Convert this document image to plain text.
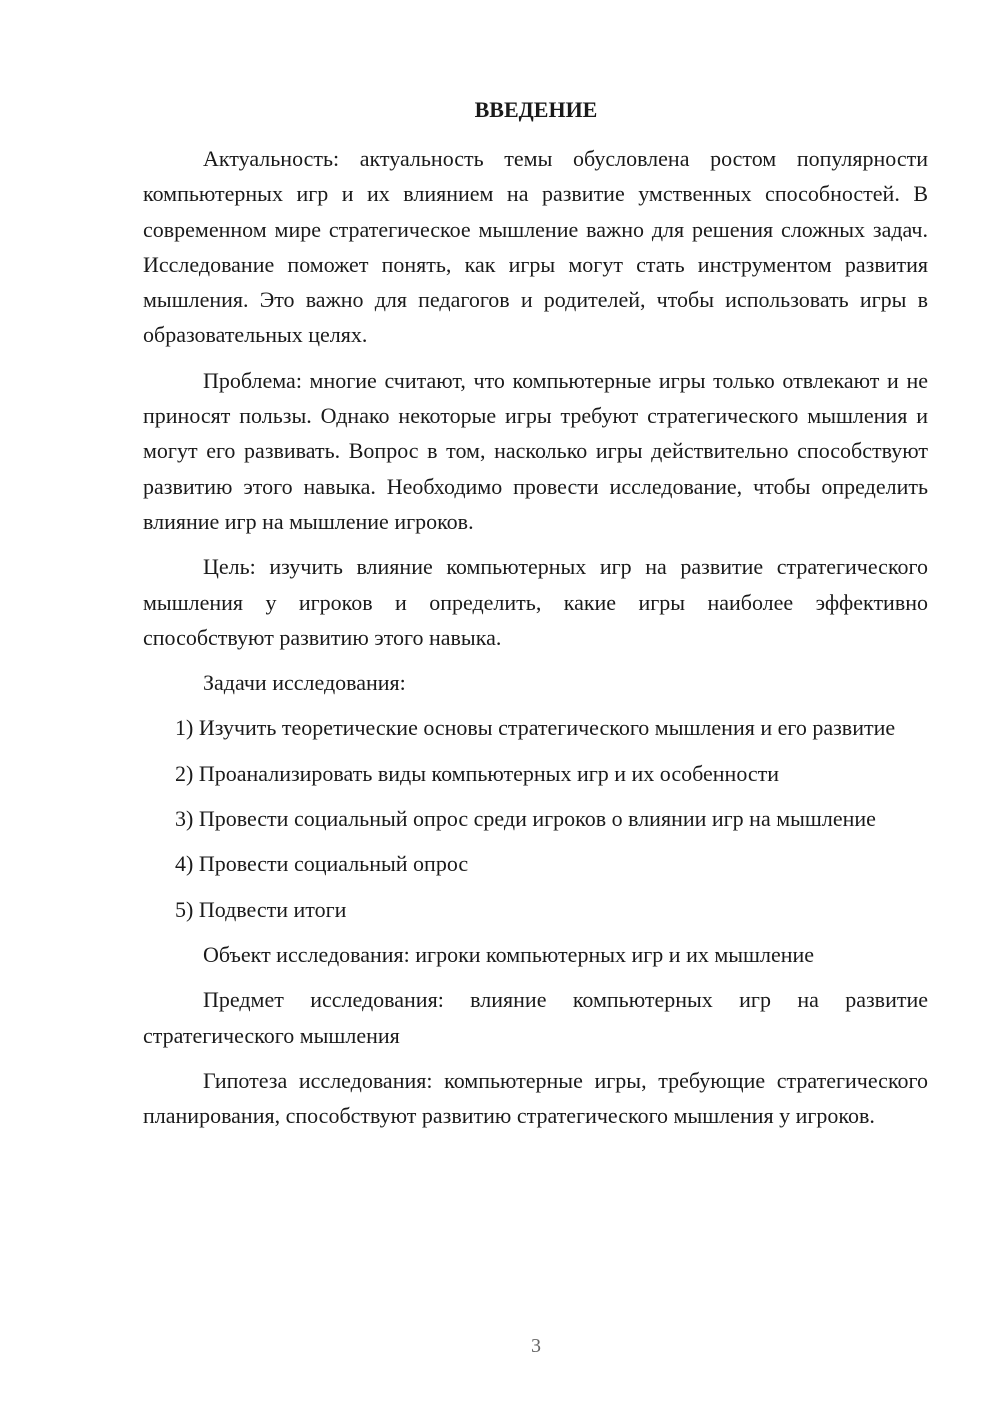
ВВЕДЕНИЕ

Актуальность: актуальность темы обусловлена ростом популярности компьютерных игр и их влиянием на развитие умственных способностей. В современном мире стратегическое мышление важно для решения сложных задач. Исследование поможет понять, как игры могут стать инструментом развития мышления. Это важно для педагогов и родителей, чтобы использовать игры в образовательных целях.

Проблема: многие считают, что компьютерные игры только отвлекают и не приносят пользы. Однако некоторые игры требуют стратегического мышления и могут его развивать. Вопрос в том, насколько игры действительно способствуют развитию этого навыка. Необходимо провести исследование, чтобы определить влияние игр на мышление игроков.

Цель: изучить влияние компьютерных игр на развитие стратегического мышления у игроков и определить, какие игры наиболее эффективно способствуют развитию этого навыка.

Задачи исследования:

1) Изучить теоретические основы стратегического мышления и его развитие

2) Проанализировать виды компьютерных игр и их особенности

3) Провести социальный опрос среди игроков о влиянии игр на мышление

4) Провести социальный опрос

5) Подвести итоги

Объект исследования: игроки компьютерных игр и их мышление

Предмет исследования: влияние компьютерных игр на развитие стратегического мышления

Гипотеза исследования: компьютерные игры, требующие стратегического планирования, способствуют развитию стратегического мышления у игроков.

3
